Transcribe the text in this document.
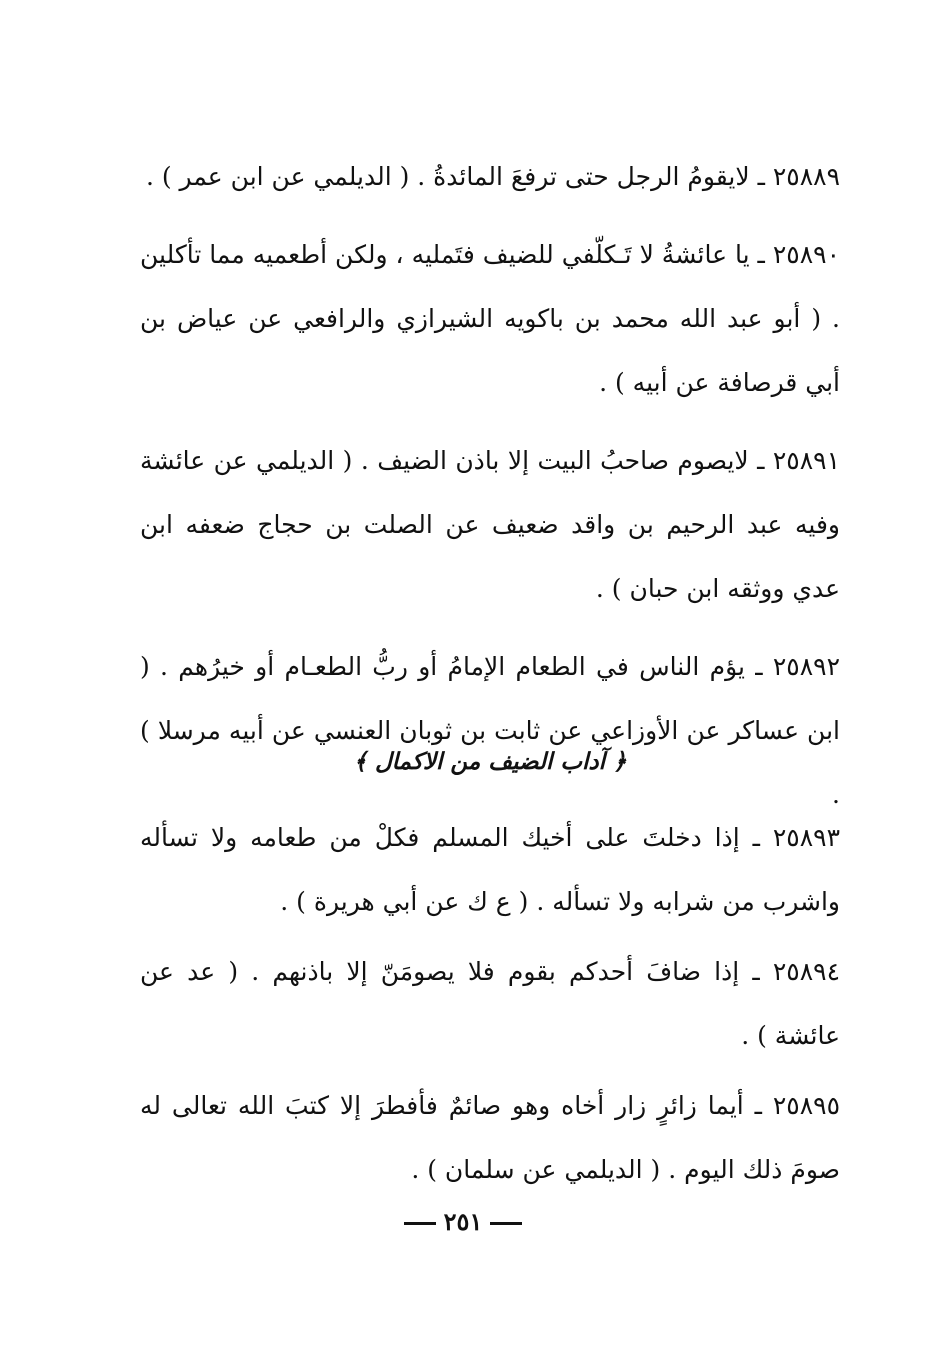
٢٥٨٨٩ ـ لايقومُ الرجل حتى ترفعَ المائدةُ . ( الديلمي عن ابن عمر ) .

٢٥٨٩٠ ـ يا عائشةُ لا تَـكلّفي للضيف فتَمليه ، ولكن أطعميه مما تأكلين . ( أبو عبد الله محمد بن باكويه الشيرازي والرافعي عن عياض بن أبي قرصافة عن أبيه ) .

٢٥٨٩١ ـ لايصوم صاحبُ البيت إلا باذن الضيف . ( الديلمي عن عائشة وفيه عبد الرحيم بن واقد ضعيف عن الصلت بن حجاج ضعفه ابن عدي ووثقه ابن حبان ) .

٢٥٨٩٢ ـ يؤم الناس في الطعام الإمامُ أو ربُّ الطعـام أو خيرُهم . ( ابن عساكر عن الأوزاعي عن ثابت بن ثوبان العنسي عن أبيه مرسلا ) .

﴿ آداب الضيف من الاكمال ﴾

٢٥٨٩٣ ـ إذا دخلتَ على أخيك المسلم فكلْ من طعامه ولا تسأله واشرب من شرابه ولا تسأله . ( ع ك عن أبي هريرة ) .

٢٥٨٩٤ ـ إذا ضافَ أحدكم بقوم فلا يصومَنّ إلا باذنهم . ( عد عن عائشة ) .

٢٥٨٩٥ ـ أيما زائرٍ زار أخاه وهو صائمٌ فأفطرَ إلا كتبَ الله تعالى له صومَ ذلك اليوم . ( الديلمي عن سلمان ) .

٢٥١
